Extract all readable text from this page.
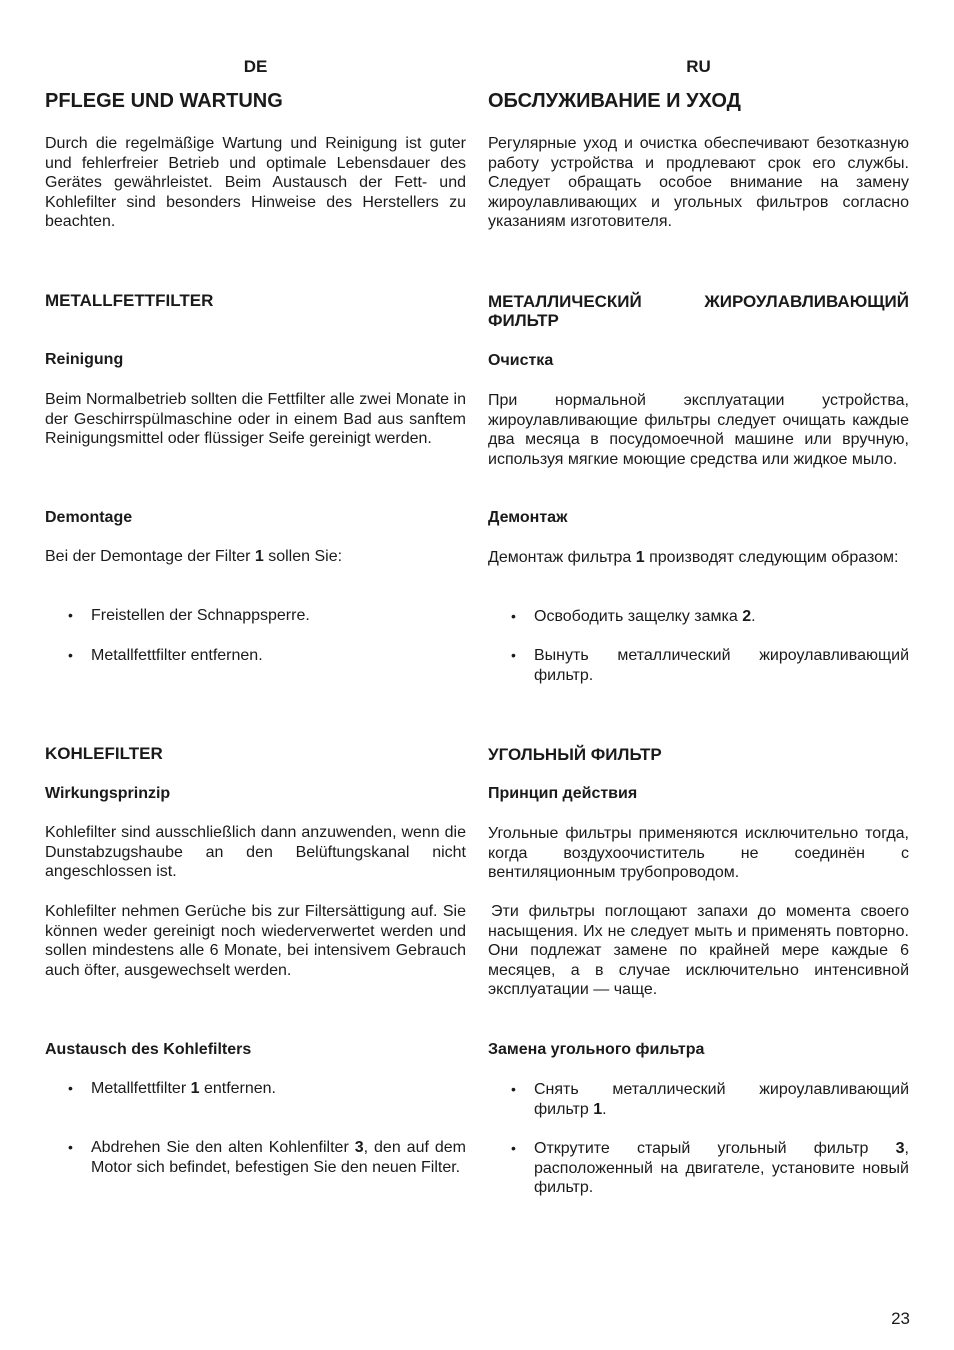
DE
PFLEGE UND WARTUNG
Durch die regelmäßige Wartung und Reinigung ist guter und fehlerfreier Betrieb und optimale Lebensdauer des Gerätes gewährleistet. Beim Austausch der Fett- und Kohlefilter sind besonders Hinweise des Herstellers zu beachten.
METALLFETTFILTER
Reinigung
Beim Normalbetrieb sollten die Fettfilter alle zwei Monate in der Geschirrspülmaschine oder in einem Bad aus sanftem Reinigungsmittel oder flüssiger Seife gereinigt werden.
Demontage
Bei der Demontage der Filter 1 sollen Sie:
• Freistellen der Schnappsperre.
• Metallfettfilter entfernen.
KOHLEFILTER
Wirkungsprinzip
Kohlefilter sind ausschließlich dann anzuwenden, wenn die Dunstabzugshaube an den Belüftungskanal nicht angeschlossen ist.
Kohlefilter nehmen Gerüche bis zur Filtersättigung auf. Sie können weder gereinigt noch wiederverwertet werden und sollen mindestens alle 6 Monate, bei intensivem Gebrauch auch öfter, ausgewechselt werden.
Austausch des Kohlefilters
• Metallfettfilter 1 entfernen.
• Abdrehen Sie den alten Kohlenfilter 3, den auf dem Motor sich befindet, befestigen Sie den neuen Filter.
RU
ОБСЛУЖИВАНИЕ И УХОД
Регулярные уход и очистка обеспечивают безотказную работу устройства и продлевают срок его службы. Следует обращать особое внимание на замену жироулавливающих и угольных фильтров согласно указаниям изготовителя.
МЕТАЛЛИЧЕСКИЙ ЖИРОУЛАВЛИВАЮЩИЙ ФИЛЬТР
Очистка
При нормальной эксплуатации устройства, жироулавливающие фильтры следует очищать каждые два месяца в посудомоечной машине или вручную, используя мягкие моющие средства или жидкое мыло.
Демонтаж
Демонтаж фильтра 1 производят следующим образом:
• Освободить защелку замка 2.
• Вынуть металлический жироулавливающий фильтр.
УГОЛЬНЫЙ ФИЛЬТР
Принцип действия
Угольные фильтры применяются исключительно тогда, когда воздухоочиститель не соединён с вентиляционным трубопроводом.
Эти фильтры поглощают запахи до момента своего насыщения. Их не следует мыть и применять повторно. Они подлежат замене по крайней мере каждые 6 месяцев, а в случае исключительно интенсивной эксплуатации — чаще.
Замена угольного фильтра
• Снять металлический жироулавливающий фильтр 1.
• Открутите старый угольный фильтр 3, расположенный на двигателе, установите новый фильтр.
23
